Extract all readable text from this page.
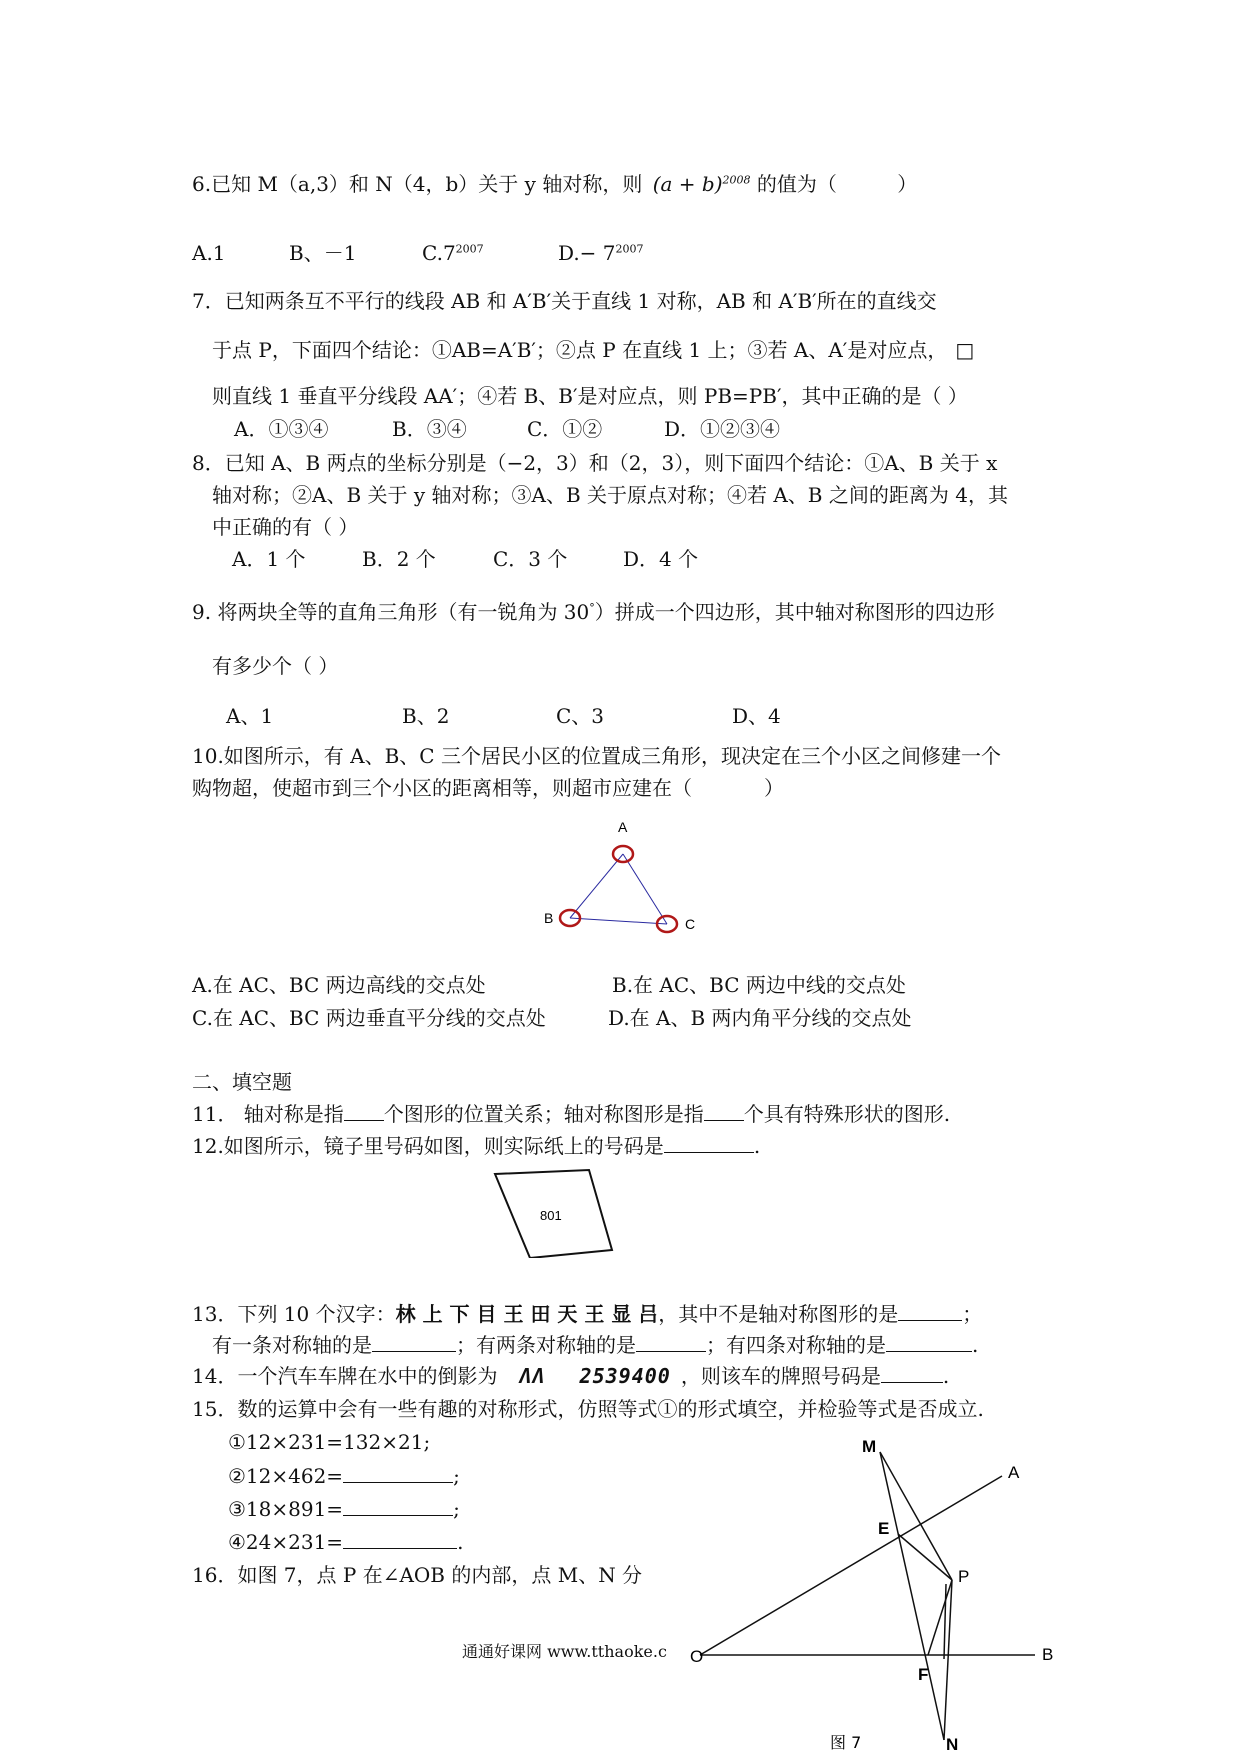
6.已知 M（a,3）和 N（4，b）关于 y 轴对称，则 $(a + b)^{2008}$ 的值为（	）
A.1	B、－1	$C.7^{2007}$	$D.- 7^{2007}$
7．已知两条互不平行的线段 AB 和 A′B′关于直线 1 对称，AB 和 A′B′所在的直线交
于点 P，下面四个结论：①AB=A′B′；②点 P 在直线 1 上；③若 A、A′是对应点， □
则直线 1 垂直平分线段 AA′；④若 B、B′是对应点，则 PB=PB′，其中正确的是（ ）
A．①③④	B．③④	C．①②	D．①②③④
8．已知 A、B 两点的坐标分别是（−2，3）和（2，3），则下面四个结论：①A、B 关于 x
轴对称；②A、B 关于 y 轴对称；③A、B 关于原点对称；④若 A、B 之间的距离为 4，其
中正确的有（ ）
A．1 个	B．2 个	C．3 个	D．4 个
9. 将两块全等的直角三角形（有一锐角为 30°）拼成一个四边形，其中轴对称图形的四边形
有多少个（ ）
A、1	B、2	C、3	D、4
10.如图所示，有 A、B、C 三个居民小区的位置成三角形，现决定在三个小区之间修建一个
购物超，使超市到三个小区的距离相等，则超市应建在（	）
A
B	C
A.在 AC、BC 两边高线的交点处	B.在 AC、BC 两边中线的交点处
C.在 AC、BC 两边垂直平分线的交点处	D.在 A、B 两内角平分线的交点处
二、填空题
11． 轴对称是指 个图形的位置关系；轴对称图形是指 个具有特殊形状的图形.
12.如图所示，镜子里号码如图，则实际纸上的号码是	.
801
13．下列 10 个汉字：林 上 下 目 王 田 天 王 显 吕，其中不是轴对称图形的是	；
有一条对称轴的是	；有两条对称轴的是	；有四条对称轴的是	.
14．一个汽车车牌在水中的倒影为 ΛΛ 2539400 ，则该车的牌照号码是	.
15．数的运算中会有一些有趣的对称形式，仿照等式①的形式填空，并检验等式是否成立.
①12×231=132×21;
②12×462=	;
③18×891=	;
④24×231=	.
16．如图 7，点 P 在∠AOB 的内部，点 M、N 分
M
A
E
P
O
F
B
N
图 7
通通好课网 www.tthaoke.c
